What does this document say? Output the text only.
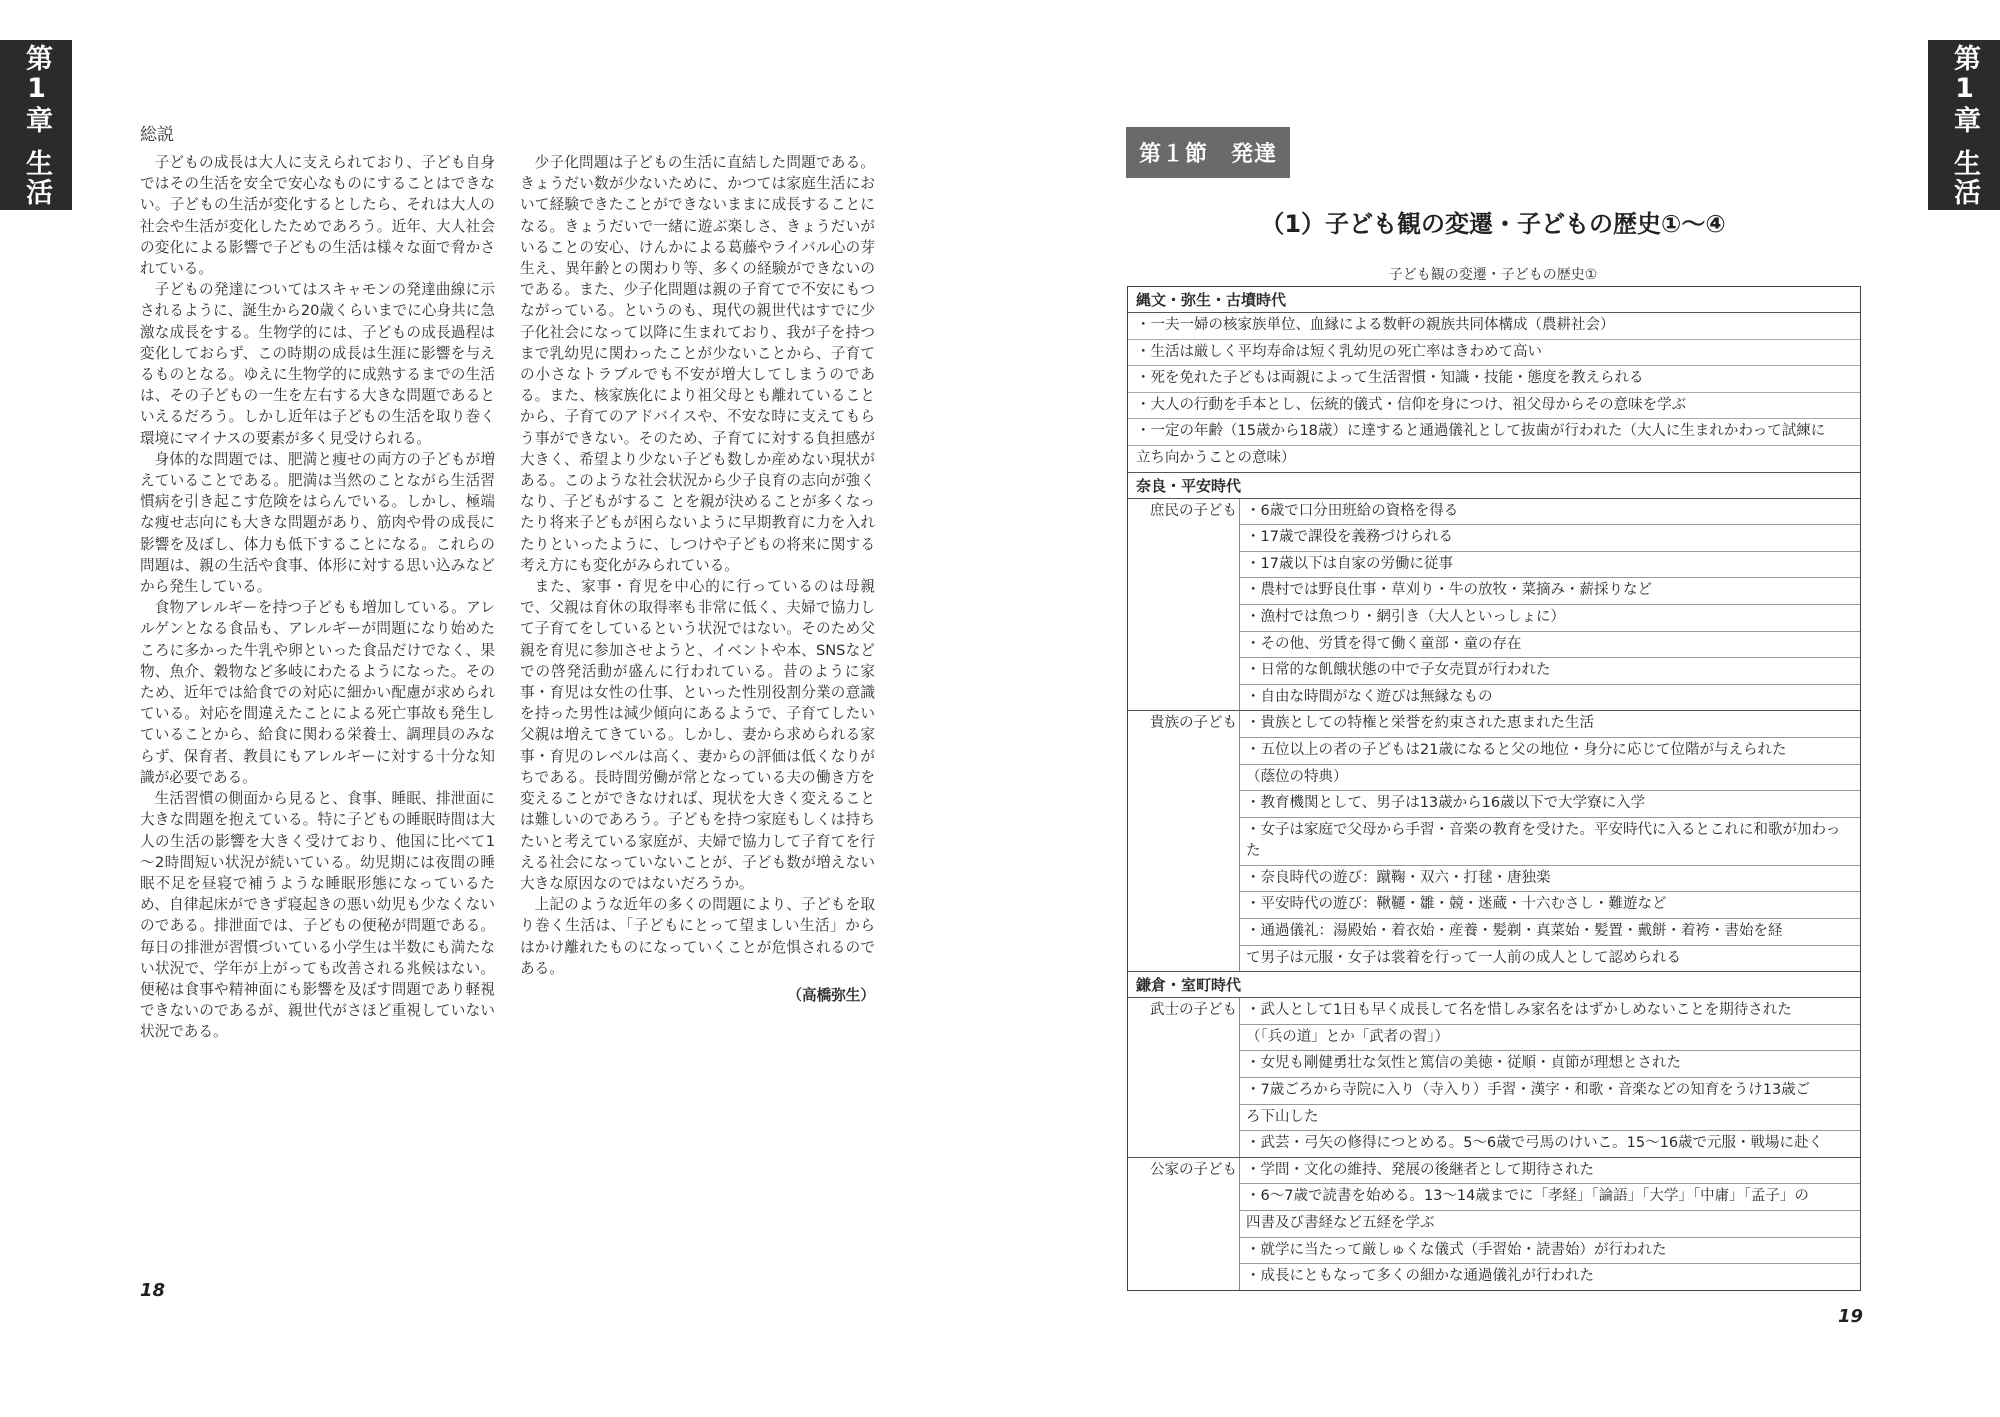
第1章
生活
第1章
生活
総説

子どもの成長は大人に支えられており、子ども自身ではその生活を安全で安心なものにすることはできない。子どもの生活が変化するとしたら、それは大人の社会や生活が変化したためであろう。近年、大人社会の変化による影響で子どもの生活は様々な面で脅かされている。

子どもの発達についてはスキャモンの発達曲線に示されるように、誕生から20歳くらいまでに心身共に急激な成長をする。生物学的には、子どもの成長過程は変化しておらず、この時期の成長は生涯に影響を与えるものとなる。ゆえに生物学的に成熟するまでの生活は、その子どもの一生を左右する大きな問題であるといえるだろう。しかし近年は子どもの生活を取り巻く環境にマイナスの要素が多く見受けられる。

身体的な問題では、肥満と痩せの両方の子どもが増えていることである。肥満は当然のことながら生活習慣病を引き起こす危険をはらんでいる。しかし、極端な痩せ志向にも大きな問題があり、筋肉や骨の成長に影響を及ぼし、体力も低下することになる。これらの問題は、親の生活や食事、体形に対する思い込みなどから発生している。

食物アレルギーを持つ子どもも増加している。アレルゲンとなる食品も、アレルギーが問題になり始めたころに多かった牛乳や卵といった食品だけでなく、果物、魚介、穀物など多岐にわたるようになった。そのため、近年では給食での対応に細かい配慮が求められている。対応を間違えたことによる死亡事故も発生していることから、給食に関わる栄養士、調理員のみならず、保育者、教員にもアレルギーに対する十分な知識が必要である。

生活習慣の側面から見ると、食事、睡眠、排泄面に大きな問題を抱えている。特に子どもの睡眠時間は大人の生活の影響を大きく受けており、他国に比べて1～2時間短い状況が続いている。幼児期には夜間の睡眠不足を昼寝で補うような睡眠形態になっているため、自律起床ができず寝起きの悪い幼児も少なくないのである。排泄面では、子どもの便秘が問題である。毎日の排泄が習慣づいている小学生は半数にも満たない状況で、学年が上がっても改善される兆候はない。便秘は食事や精神面にも影響を及ぼす問題であり軽視できないのであるが、親世代がさほど重視していない状況である。

少子化問題は子どもの生活に直結した問題である。きょうだい数が少ないために、かつては家庭生活において経験できたことができないままに成長することになる。きょうだいで一緒に遊ぶ楽しさ、きょうだいがいることの安心、けんかによる葛藤やライバル心の芽生え、異年齢との関わり等、多くの経験ができないのである。また、少子化問題は親の子育てで不安にもつながっている。というのも、現代の親世代はすでに少子化社会になって以降に生まれており、我が子を持つまで乳幼児に関わったことが少ないことから、子育ての小さなトラブルでも不安が増大してしまうのである。また、核家族化により祖父母とも離れていることから、子育てのアドバイスや、不安な時に支えてもらう事ができない。そのため、子育てに対する負担感が大きく、希望より少ない子ども数しか産めない現状がある。このような社会状況から少子良育の志向が強くなり、子どもがするこ とを親が決めることが多くなったり将来子どもが困らないように早期教育に力を入れたりといったように、しつけや子どもの将来に関する考え方にも変化がみられている。

また、家事・育児を中心的に行っているのは母親で、父親は育休の取得率も非常に低く、夫婦で協力して子育てをしているという状況ではない。そのため父親を育児に参加させようと、イベントや本、SNSなどでの啓発活動が盛んに行われている。昔のように家事・育児は女性の仕事、といった性別役割分業の意識を持った男性は減少傾向にあるようで、子育てしたい父親は増えてきている。しかし、妻から求められる家事・育児のレベルは高く、妻からの評価は低くなりがちである。長時間労働が常となっている夫の働き方を変えることができなければ、現状を大きく変えることは難しいのであろう。子どもを持つ家庭もしくは持ちたいと考えている家庭が、夫婦で協力して子育てを行える社会になっていないことが、子ども数が増えない大きな原因なのではないだろうか。

上記のような近年の多くの問題により、子どもを取り巻く生活は、「子どもにとって望ましい生活」からはかけ離れたものになっていくことが危惧されるのである。

（高橋弥生）

18
第１節　発達
（1）子ども観の変遷・子どもの歴史①～④
子ども観の変遷・子どもの歴史①
縄文・弥生・古墳時代
・一夫一婦の核家族単位、血縁による数軒の親族共同体構成（農耕社会）
・生活は厳しく平均寿命は短く乳幼児の死亡率はきわめて高い
・死を免れた子どもは両親によって生活習慣・知識・技能・態度を教えられる
・大人の行動を手本とし、伝統的儀式・信仰を身につけ、祖父母からその意味を学ぶ
・一定の年齢（15歳から18歳）に達すると通過儀礼として抜歯が行われた（大人に生まれかわって試練に
立ち向かうことの意味）
奈良・平安時代
庶民の子ども ・6歳で口分田班給の資格を得る
・17歳で課役を義務づけられる
・17歳以下は自家の労働に従事
・農村では野良仕事・草刈り・牛の放牧・菜摘み・薪採りなど
・漁村では魚つり・網引き（大人といっしょに）
・その他、労賃を得て働く童部・童の存在
・日常的な飢餓状態の中で子女売買が行われた
・自由な時間がなく遊びは無縁なもの
貴族の子ども ・貴族としての特権と栄誉を約束された恵まれた生活
・五位以上の者の子どもは21歳になると父の地位・身分に応じて位階が与えられた
（蔭位の特典）
・教育機関として、男子は13歳から16歳以下で大学寮に入学
・女子は家庭で父母から手習・音楽の教育を受けた。平安時代に入るとこれに和歌が加わった
・奈良時代の遊び：蹴鞠・双六・打毬・唐独楽
・平安時代の遊び：鞦韆・雛・競・迷蔵・十六むさし・難遊など
・通過儀礼：湯殿始・着衣始・産養・髪剃・真菜始・髪置・戴餅・着袴・書始を経
て男子は元服・女子は裳着を行って一人前の成人として認められる
鎌倉・室町時代
武士の子ども ・武人として1日も早く成長して名を惜しみ家名をはずかしめないことを期待された
（「兵の道」とか「武者の習」）
・女児も剛健勇壮な気性と篤信の美徳・従順・貞節が理想とされた
・7歳ごろから寺院に入り（寺入り）手習・漢字・和歌・音楽などの知育をうけ13歳ご
ろ下山した
・武芸・弓矢の修得につとめる。5～6歳で弓馬のけいこ。15～16歳で元服・戦場に赴く
公家の子ども ・学問・文化の維持、発展の後継者として期待された
・6～7歳で読書を始める。13～14歳までに「孝経」「論語」「大学」「中庸」「孟子」の
四書及び書経など五経を学ぶ
・就学に当たって厳しゅくな儀式（手習始・読書始）が行われた
・成長にともなって多くの細かな通過儀礼が行われた
19
